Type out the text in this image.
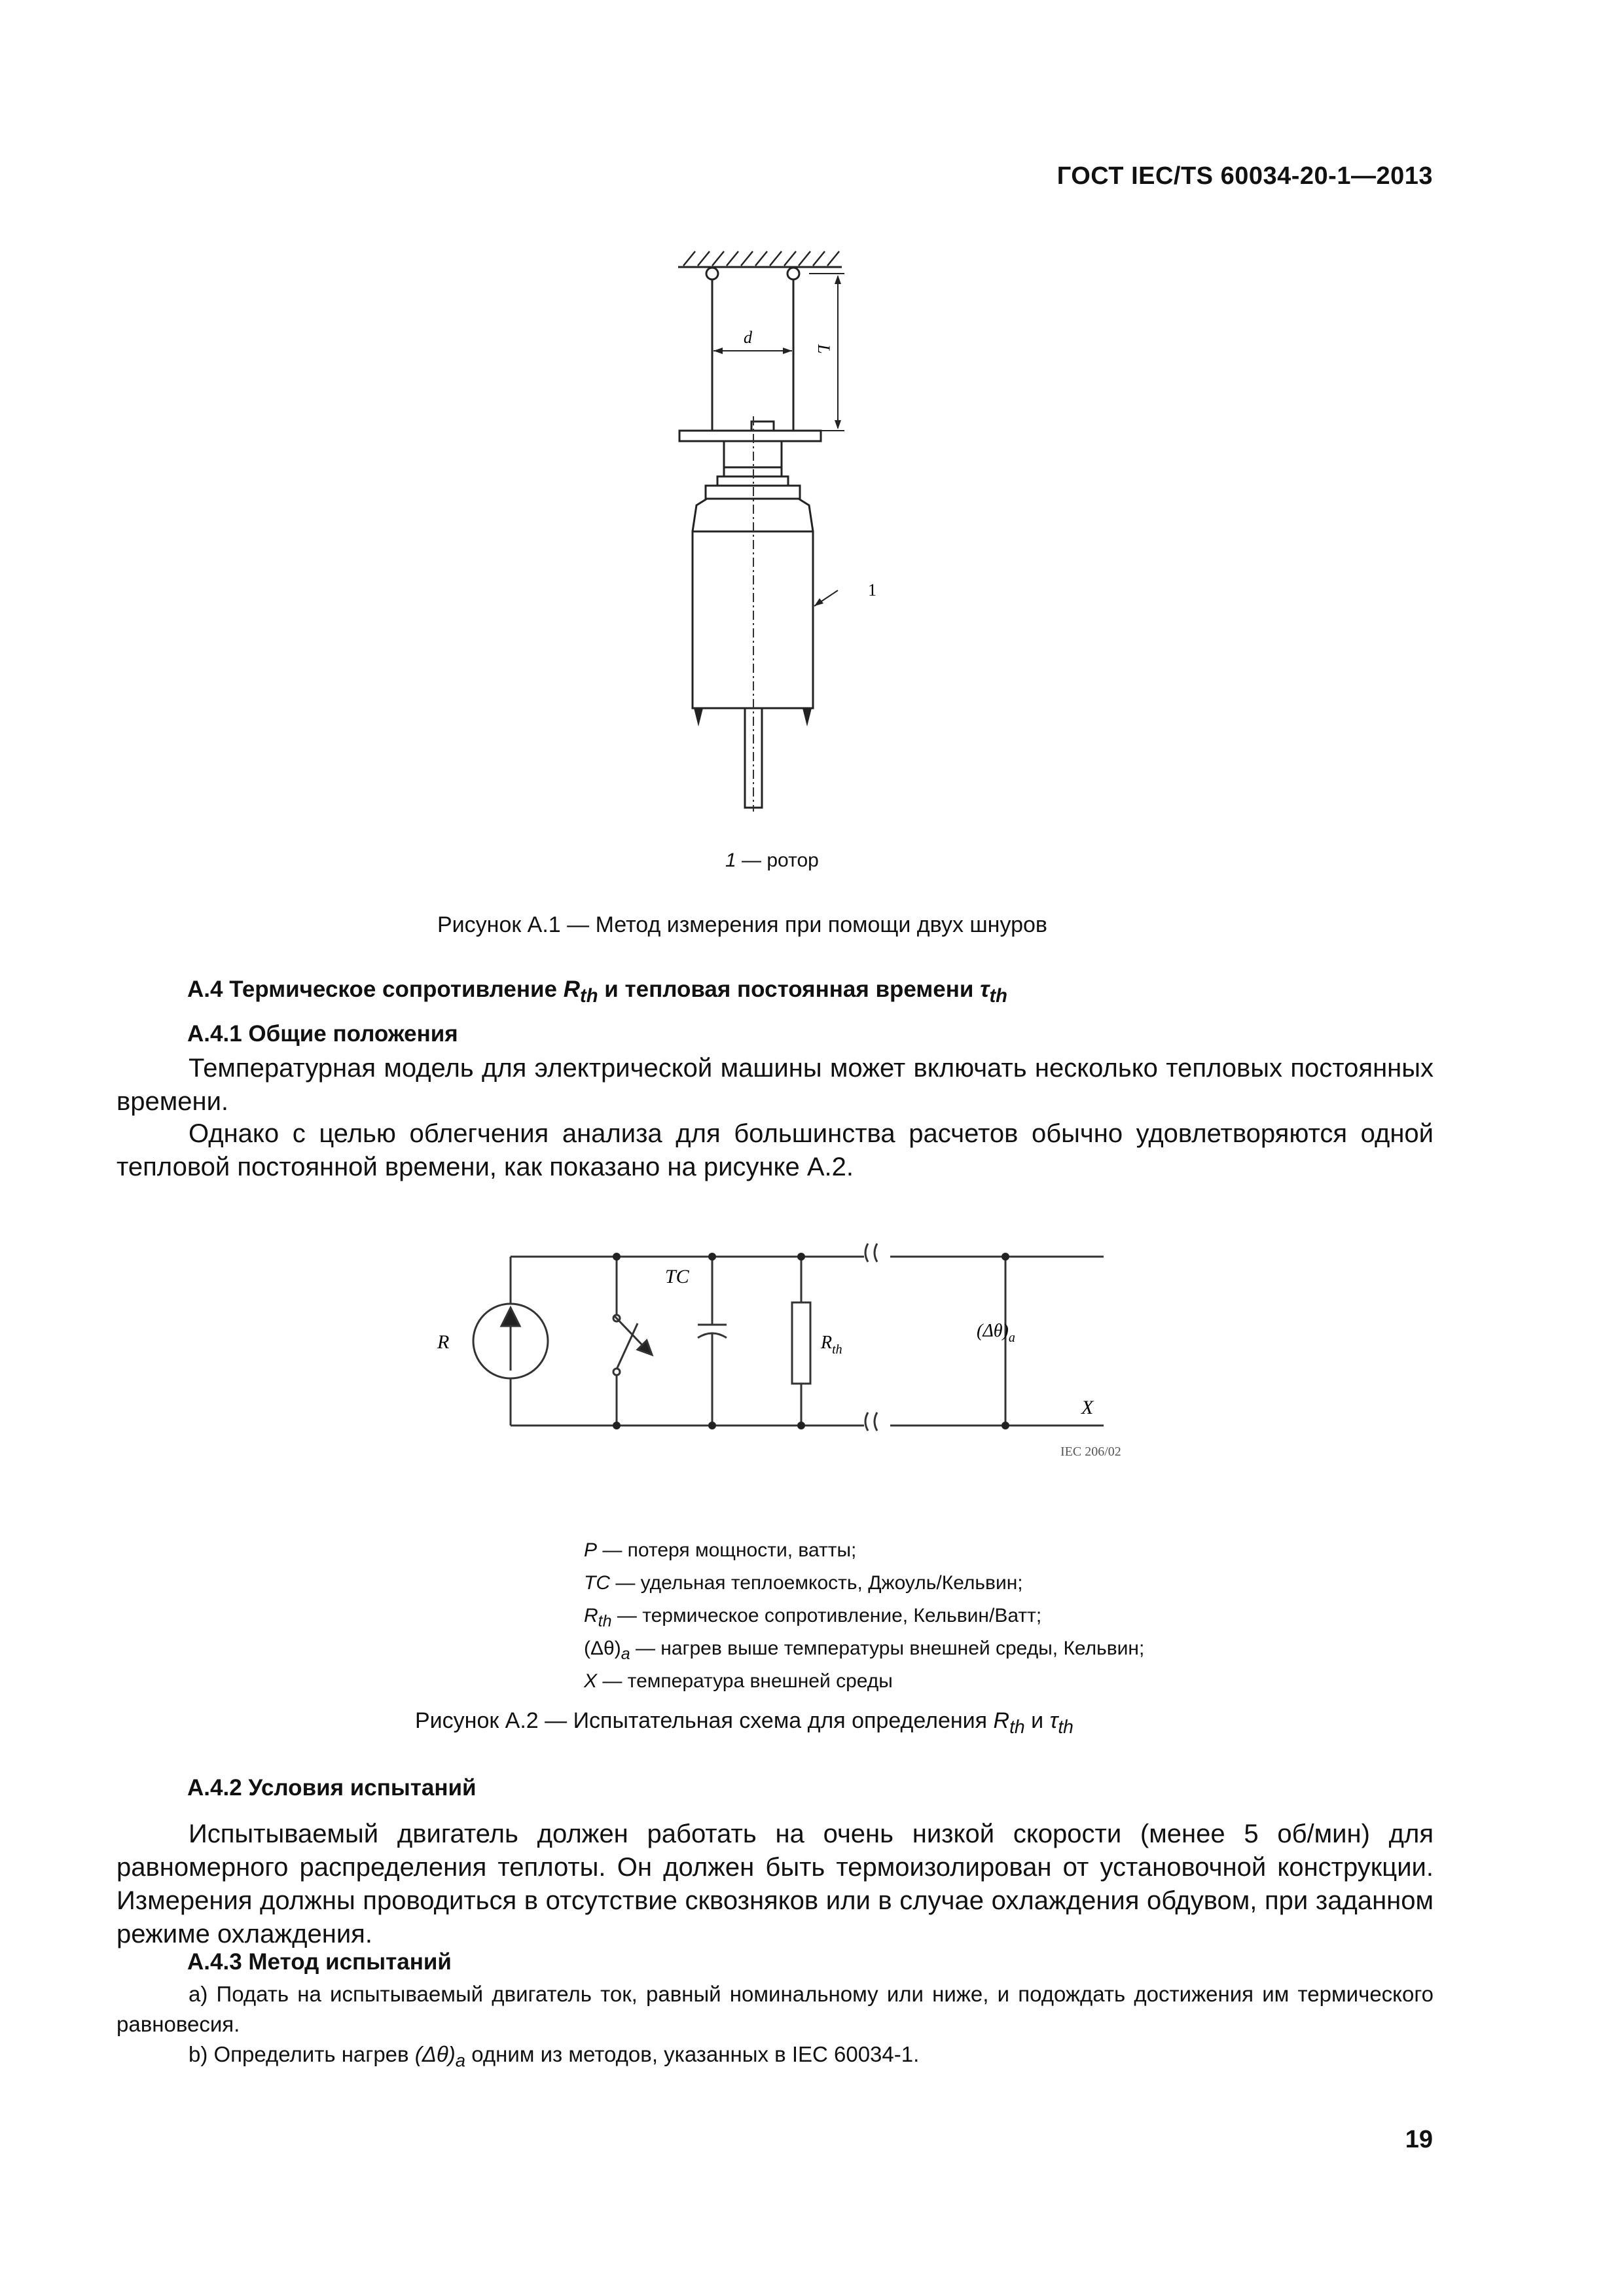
ГОСТ IEC/TS 60034-20-1—2013
d
L
1
1 — ротор
Рисунок А.1 — Метод измерения при помощи двух шнуров
А.4 Термическое сопротивление $R_{th}$ и тепловая постоянная времени $\tau_{th}$
А.4.1 Общие положения

Температурная модель для электрической машины может включать несколько тепловых постоянных времени.

Однако с целью облегчения анализа для большинства расчетов обычно удовлетворяются одной тепловой постоянной времени, как показано на рисунке А.2.

R
TC
$R_{th}$
$(\Delta\theta)_a$
X
IEC 206/02
P — потеря мощности, ватты;
TC — удельная теплоемкость, Джоуль/Кельвин;
$R_{th}$ — термическое сопротивление, Кельвин/Ватт;
$(\Delta\theta)_a$ — нагрев выше температуры внешней среды, Кельвин;
X — температура внешней среды
Рисунок А.2 — Испытательная схема для определения $R_{th}$ и $\tau_{th}$
А.4.2 Условия испытаний

Испытываемый двигатель должен работать на очень низкой скорости (менее 5 об/мин) для равномерного распределения теплоты. Он должен быть термоизолирован от установочной конструкции. Измерения должны проводиться в отсутствие сквозняков или в случае охлаждения обдувом, при заданном режиме охлаждения.

А.4.3 Метод испытаний

а) Подать на испытываемый двигатель ток, равный номинальному или ниже, и подождать достижения им термического равновесия.

b) Определить нагрев $(\Delta\theta)_a$ одним из методов, указанных в IEC 60034-1.

19
